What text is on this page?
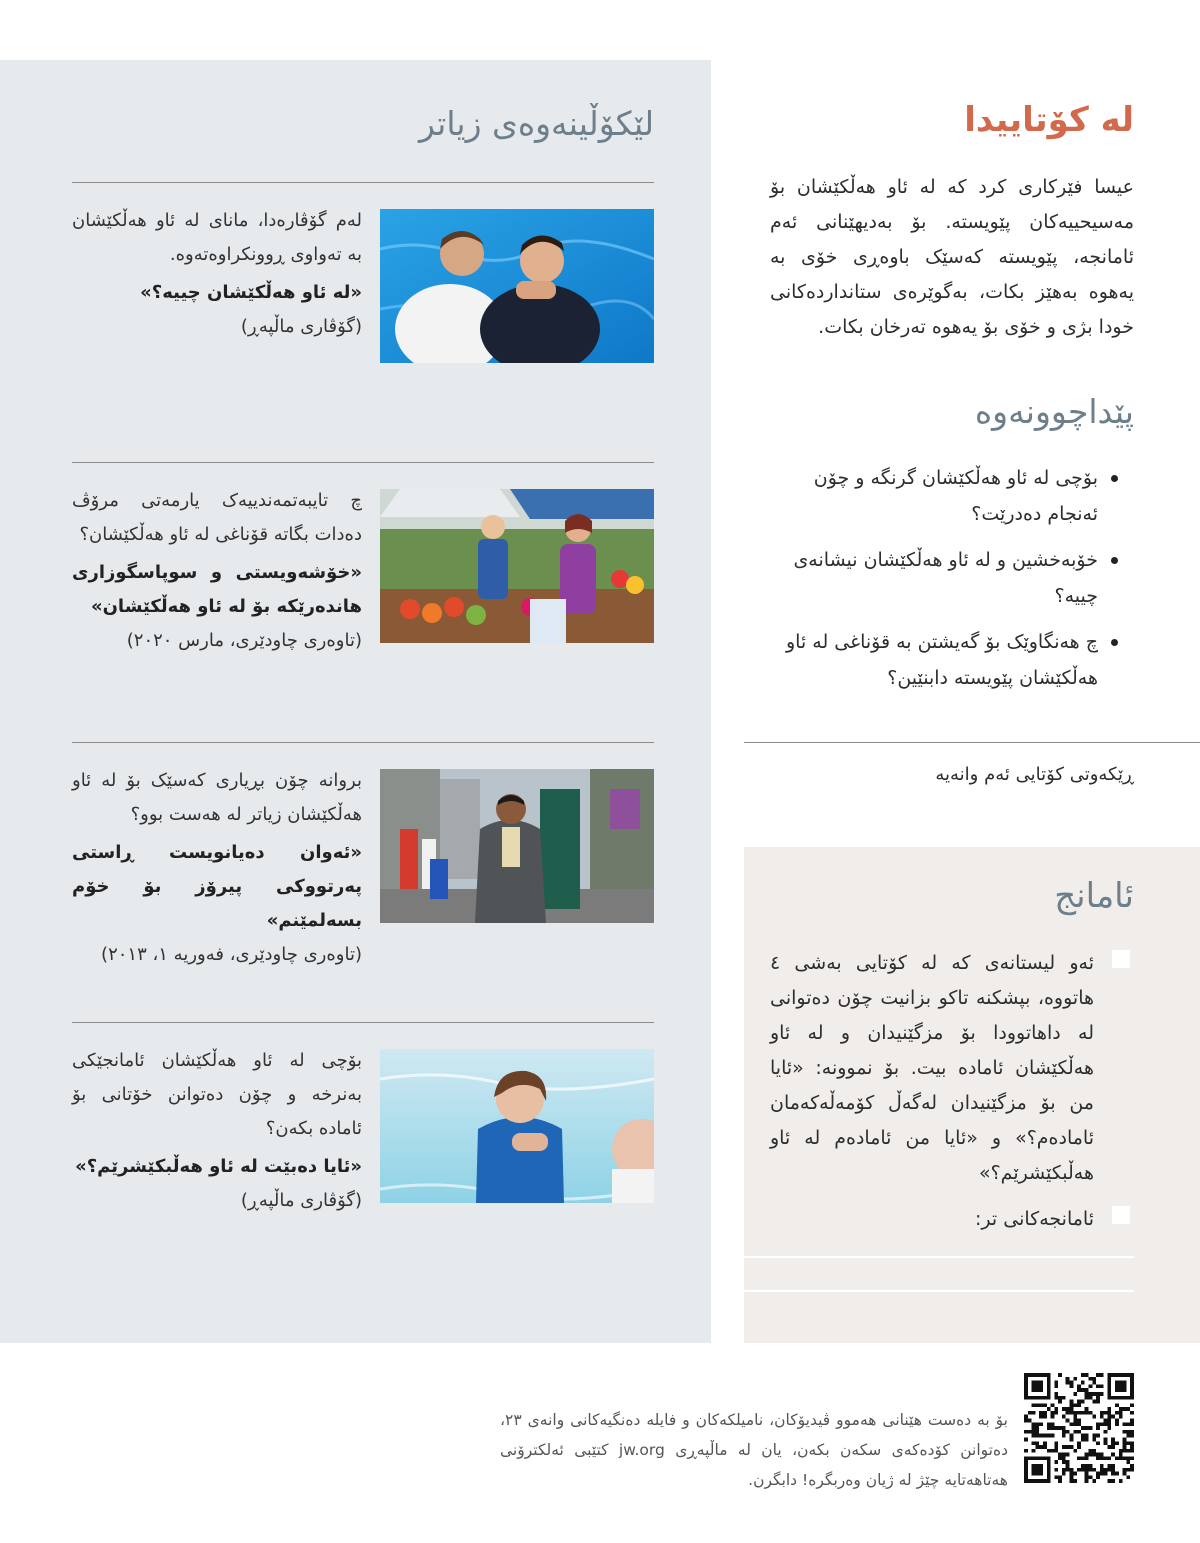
لێکۆڵینەوەی زیاتر
لەم گۆڤارەدا، مانای لە ئاو هەڵکێشان بە تەواوی ڕوونکراوەتەوە.
«لە ئاو هەڵکێشان چییە؟»
(گۆڤاری ماڵپەڕ)
چ تایبەتمەندییەک یارمەتی مرۆڤ دەدات بگاتە قۆناغی لە ئاو هەڵکێشان؟
«خۆشەویستی و سوپاسگوزاری هاندەرێکە بۆ لە ئاو هەڵکێشان»
(تاوەری چاودێری، مارس ٢٠٢٠)
بروانە چۆن بڕیاری کەسێک بۆ لە ئاو هەڵکێشان زیاتر لە هەست بوو؟
«ئەوان دەیانویست ڕاستی پەرتووکی پیرۆز بۆ خۆم بسەلمێنم»
(تاوەری چاودێری، فەوریە ١، ٢٠١٣)
بۆچی لە ئاو هەڵکێشان ئامانجێکی بەنرخە و چۆن دەتوانن خۆتانی بۆ ئامادە بکەن؟
«ئایا دەبێت لە ئاو هەڵبکێشرێم؟»
(گۆڤاری ماڵپەڕ)
لە کۆتاییدا
عیسا فێرکاری کرد کە لە ئاو هەڵکێشان بۆ مەسیحییەکان پێویستە. بۆ بەدیهێنانی ئەم ئامانجە، پێویستە کەسێک باوەڕی خۆی بە یەهوە بەهێز بکات، بەگوێرەی ستانداردەکانی خودا بژی و خۆی بۆ یەهوە تەرخان بکات.
پێداچوونەوە
بۆچی لە ئاو هەڵکێشان گرنگە و چۆن ئەنجام دەدرێت؟
خۆبەخشین و لە ئاو هەڵکێشان نیشانەی چییە؟
چ هەنگاوێک بۆ گەیشتن بە قۆناغی لە ئاو هەڵکێشان پێویستە دابنێین؟
ڕێکەوتی کۆتایی ئەم وانەیە
ئامانج
ئەو لیستانەی کە لە کۆتایی بەشی ٤ هاتووە، بپشکنە تاکو بزانیت چۆن دەتوانی لە داهاتوودا بۆ مزگێنیدان و لە ئاو هەڵکێشان ئامادە بیت. بۆ نموونە: «ئایا من بۆ مزگێنیدان لەگەڵ کۆمەڵەکەمان ئامادەم؟» و «ئایا من ئامادەم لە ئاو هەڵبکێشرێم؟»
ئامانجەکانی تر:
بۆ بە دەست هێنانی هەموو ڤیدیۆکان، نامیلکەکان و فایلە دەنگیەکانی وانەی ٢٣، دەتوانن کۆدەکەی سکەن بکەن، یان لە ماڵپەڕی jw.org کتێبی ئەلکترۆنی هەتاهەتایە چێژ لە ژیان وەربگرە! دابگرن.
